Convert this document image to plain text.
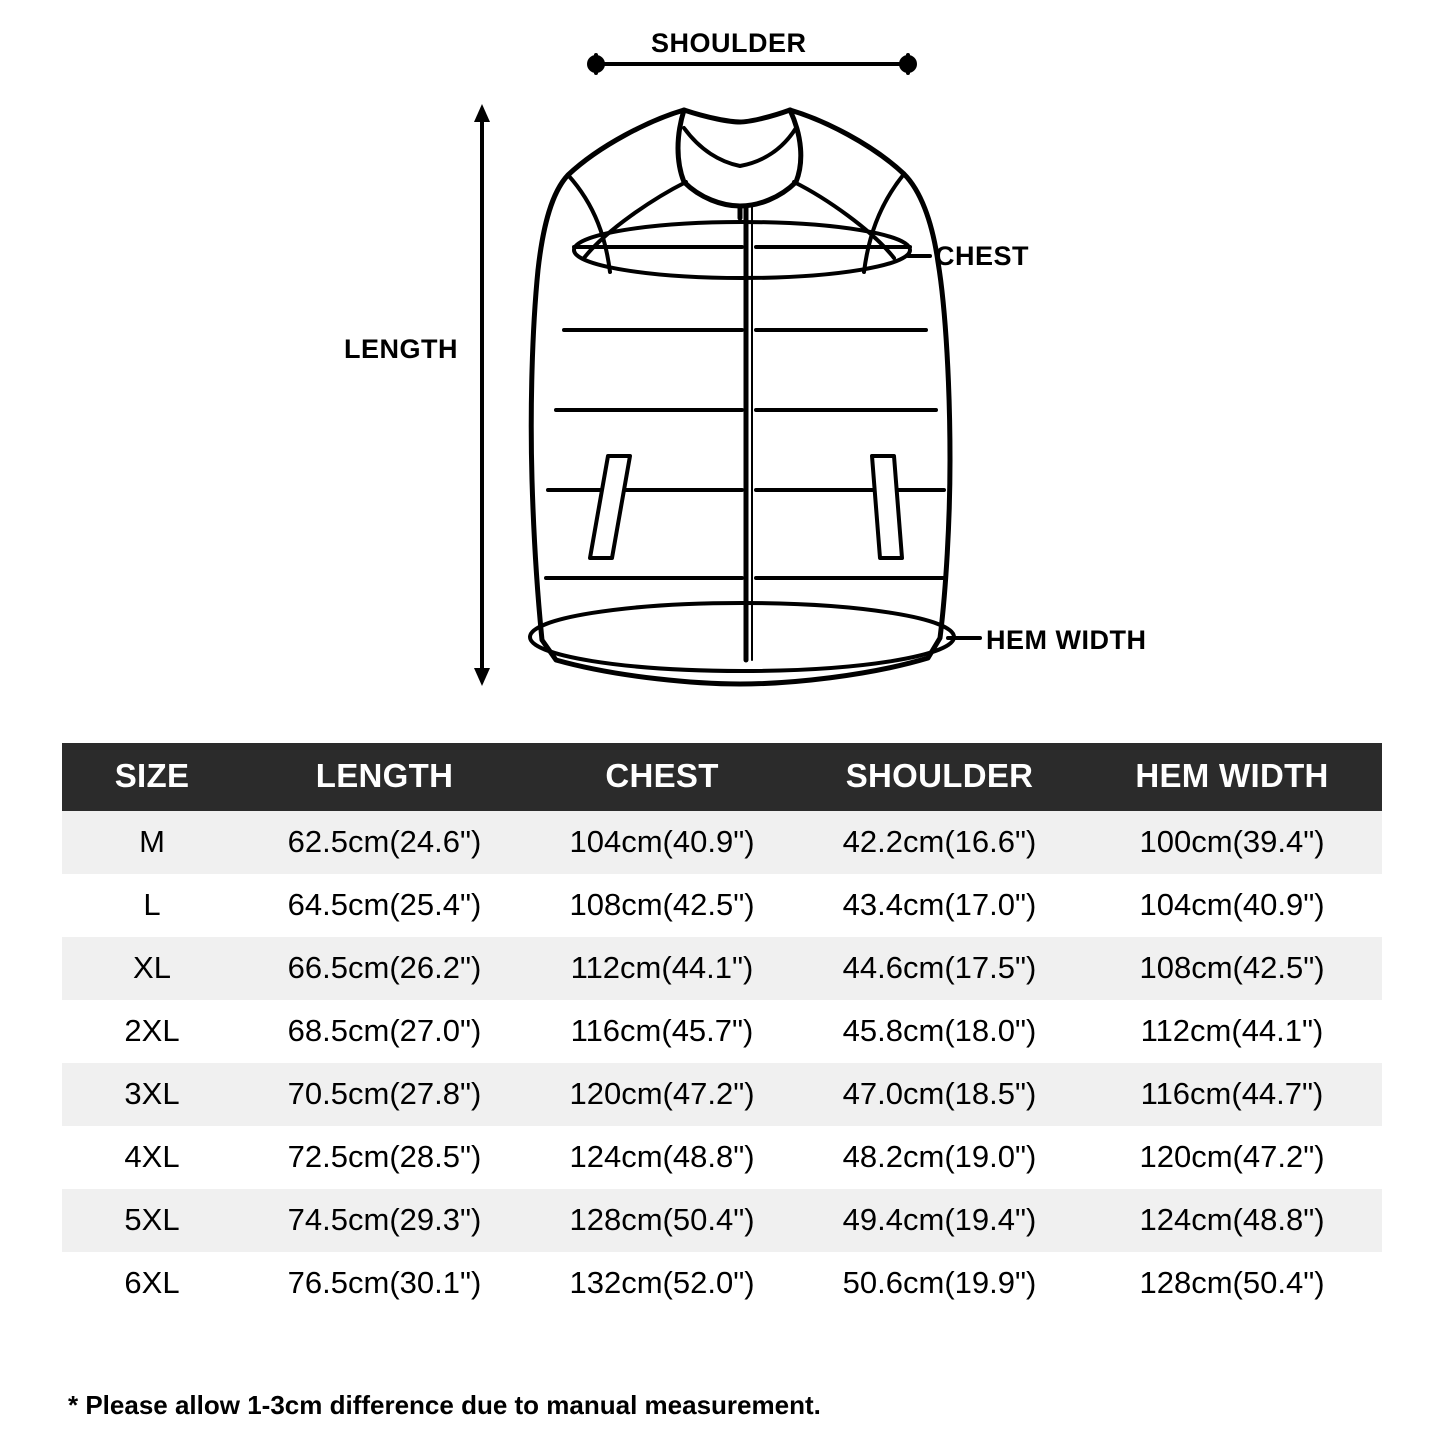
SHOULDER
CHEST
LENGTH
HEM WIDTH
SIZE	LENGTH	CHEST	SHOULDER	HEM WIDTH
M	62.5cm(24.6")	104cm(40.9")	42.2cm(16.6")	100cm(39.4")
L	64.5cm(25.4")	108cm(42.5")	43.4cm(17.0")	104cm(40.9")
XL	66.5cm(26.2")	112cm(44.1")	44.6cm(17.5")	108cm(42.5")
2XL	68.5cm(27.0")	116cm(45.7")	45.8cm(18.0")	112cm(44.1")
3XL	70.5cm(27.8")	120cm(47.2")	47.0cm(18.5")	116cm(44.7")
4XL	72.5cm(28.5")	124cm(48.8")	48.2cm(19.0")	120cm(47.2")
5XL	74.5cm(29.3")	128cm(50.4")	49.4cm(19.4")	124cm(48.8")
6XL	76.5cm(30.1")	132cm(52.0")	50.6cm(19.9")	128cm(50.4")
* Please allow 1-3cm difference due to manual measurement.
